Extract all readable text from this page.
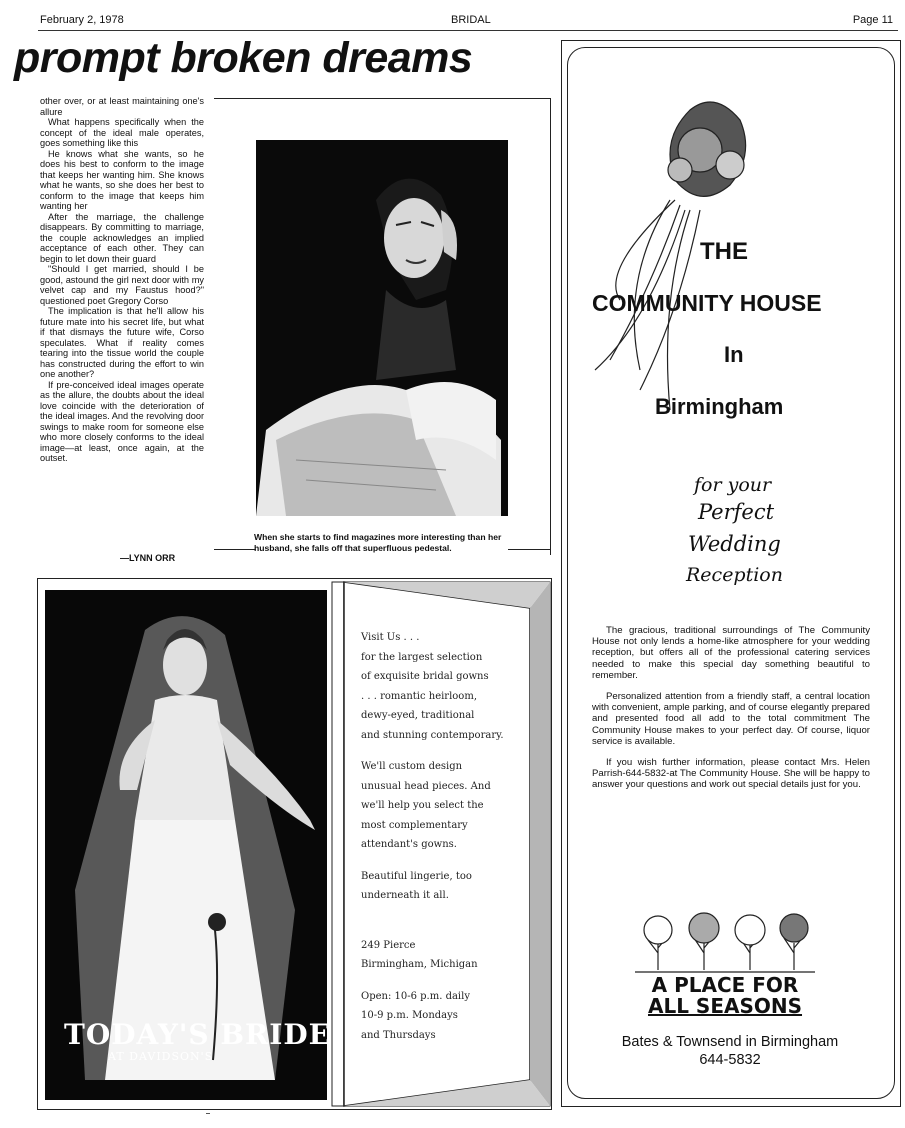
February 2, 1978	BRIDAL	Page 11
prompt broken dreams

other over, or at least maintaining one's allure

What happens specifically when the concept of the ideal male operates, goes something like this

He knows what she wants, so he does his best to conform to the image that keeps her wanting him. She knows what he wants, so she does her best to conform to the image that keeps him wanting her

After the marriage, the challenge disappears. By committing to marriage, the couple acknowledges an implied acceptance of each other. They can begin to let down their guard

"Should I get married, should I be good, astound the girl next door with my velvet cap and my Faustus hood?" questioned poet Gregory Corso

The implication is that he'll allow his future mate into his secret life, but what if that dismays the future wife, Corso speculates. What if reality comes tearing into the tissue world the couple has constructed during the effort to win one another?

If pre-conceived ideal images operate as the allure, the doubts about the ideal love coincide with the deterioration of the ideal images. And the revolving door swings to make room for someone else who more closely conforms to the ideal image—at least, once again, at the outset.

—LYNN ORR
When she starts to find magazines more interesting than her husband, she falls off that superfluous pedestal.
THE
COMMUNITY HOUSE
In
Birmingham
for your
Perfect
Wedding
Reception

The gracious, traditional surroundings of The Community House not only lends a home-like atmosphere for your wedding reception, but offers all of the professional catering services needed to make this special day something beautiful to remember.

Personalized attention from a friendly staff, a central location with convenient, ample parking, and of course elegantly prepared and presented food all add to the total commitment The Community House makes to your perfect day. Of course, liquor service is available.

If you wish further information, please contact Mrs. Helen Parrish-644-5832-at The Community House. She will be happy to answer your questions and work out special details just for you.

A PLACE FOR
ALL SEASONS
Bates & Townsend in Birmingham
644-5832
TODAY'S BRIDE
AT DAVIDSON'S
Visit Us . . .
for the largest selection
of exquisite bridal gowns
. . . romantic heirloom,
dewy-eyed, traditional
and stunning contemporary.
We'll custom design
unusual head pieces. And
we'll help you select the
most complementary
attendant's gowns.
Beautiful lingerie, too
underneath it all.
249 Pierce
Birmingham, Michigan
Open: 10-6 p.m. daily
10-9 p.m. Mondays
and Thursdays
